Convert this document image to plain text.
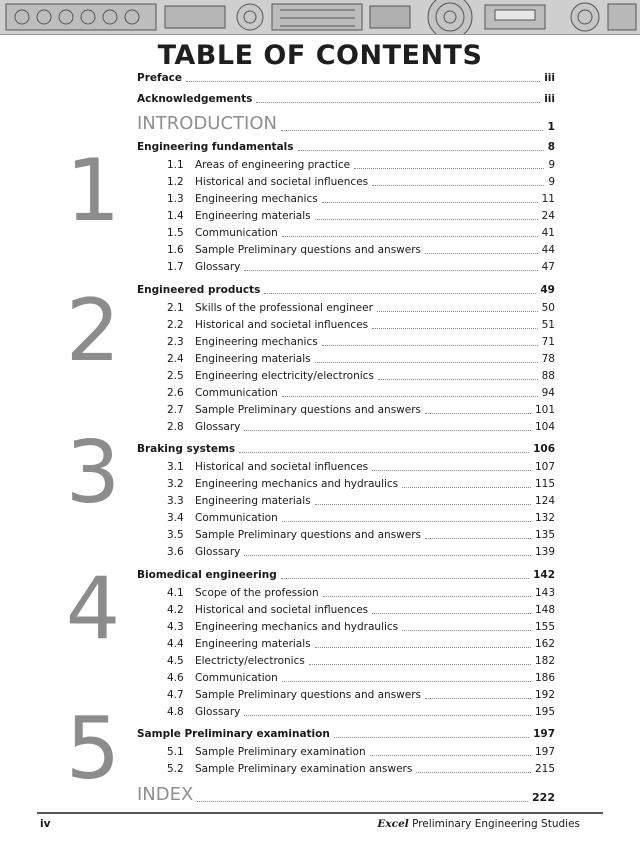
TABLE OF CONTENTS
Preface	iii
Acknowledgements	iii
INTRODUCTION	1
1	Engineering fundamentals	8
1.1 Areas of engineering practice	9
1.2 Historical and societal influences	9
1.3 Engineering mechanics	11
1.4 Engineering materials	24
1.5 Communication	41
1.6 Sample Preliminary questions and answers	44
1.7 Glossary	47
2	Engineered products	49
2.1 Skills of the professional engineer	50
2.2 Historical and societal influences	51
2.3 Engineering mechanics	71
2.4 Engineering materials	78
2.5 Engineering electricity/electronics	88
2.6 Communication	94
2.7 Sample Preliminary questions and answers	101
2.8 Glossary	104
3	Braking systems	106
3.1 Historical and societal influences	107
3.2 Engineering mechanics and hydraulics	115
3.3 Engineering materials	124
3.4 Communication	132
3.5 Sample Preliminary questions and answers	135
3.6 Glossary	139
4	Biomedical engineering	142
4.1 Scope of the profession	143
4.2 Historical and societal influences	148
4.3 Engineering mechanics and hydraulics	155
4.4 Engineering materials	162
4.5 Electricty/electronics	182
4.6 Communication	186
4.7 Sample Preliminary questions and answers	192
4.8 Glossary	195
5	Sample Preliminary examination	197
5.1 Sample Preliminary examination	197
5.2 Sample Preliminary examination answers	215
INDEX	222
iv	Excel Preliminary Engineering Studies
